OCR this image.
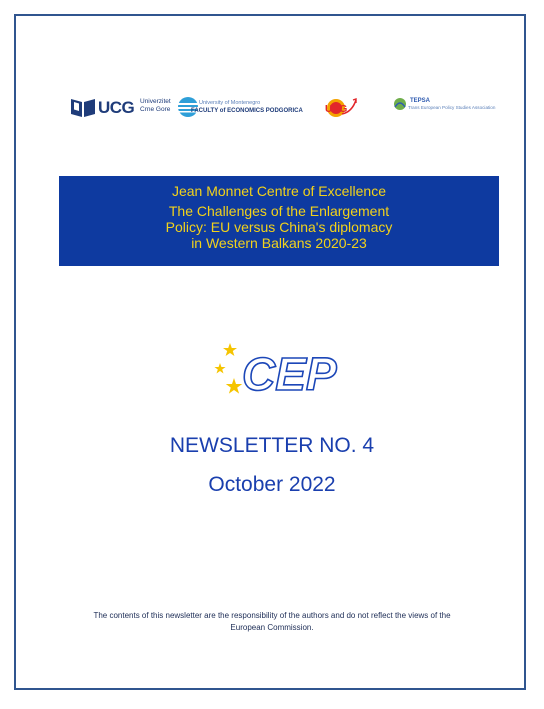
UCG Univerzitet
Crne Gore
University of Montenegro
FACULTY of ECONOMICS PODGORICA UDG
TEPSA
Trans European Policy Studies Association
Jean Monnet Centre of Excellence
The Challenges of the Enlargement
Policy: EU versus China's diplomacy
in Western Balkans 2020-23
CEP
NEWSLETTER NO. 4
October 2022
The contents of this newsletter are the responsibility of the authors and do not reflect the views of the
European Commission.
